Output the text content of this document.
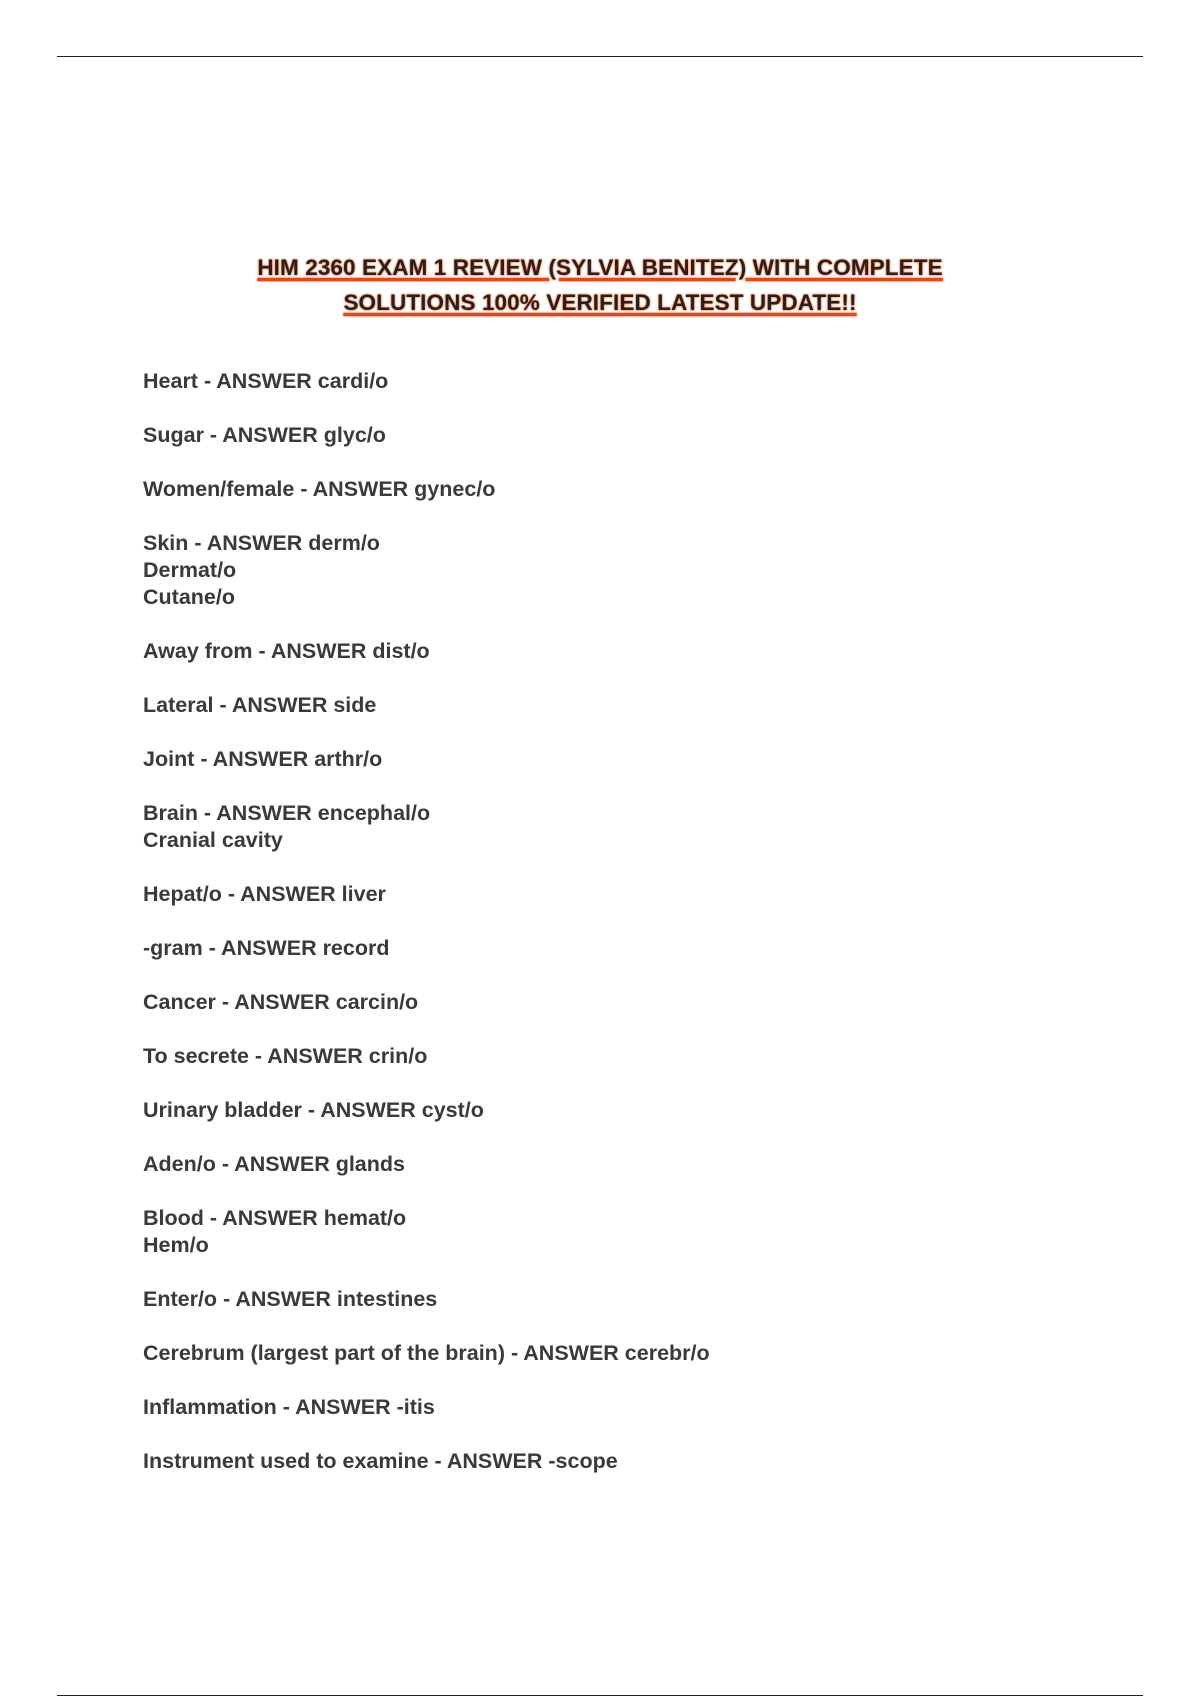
HIM 2360 EXAM 1 REVIEW (SYLVIA BENITEZ) WITH COMPLETE
SOLUTIONS 100% VERIFIED LATEST UPDATE!!
Heart - ANSWER cardi/o
Sugar - ANSWER glyc/o
Women/female - ANSWER gynec/o
Skin - ANSWER derm/o
Dermat/o
Cutane/o
Away from - ANSWER dist/o
Lateral - ANSWER side
Joint - ANSWER arthr/o
Brain - ANSWER encephal/o
Cranial cavity
Hepat/o - ANSWER liver
-gram - ANSWER record
Cancer - ANSWER carcin/o
To secrete - ANSWER crin/o
Urinary bladder - ANSWER cyst/o
Aden/o - ANSWER glands
Blood - ANSWER hemat/o
Hem/o
Enter/o - ANSWER intestines
Cerebrum (largest part of the brain) - ANSWER cerebr/o
Inflammation - ANSWER -itis
Instrument used to examine - ANSWER -scope
